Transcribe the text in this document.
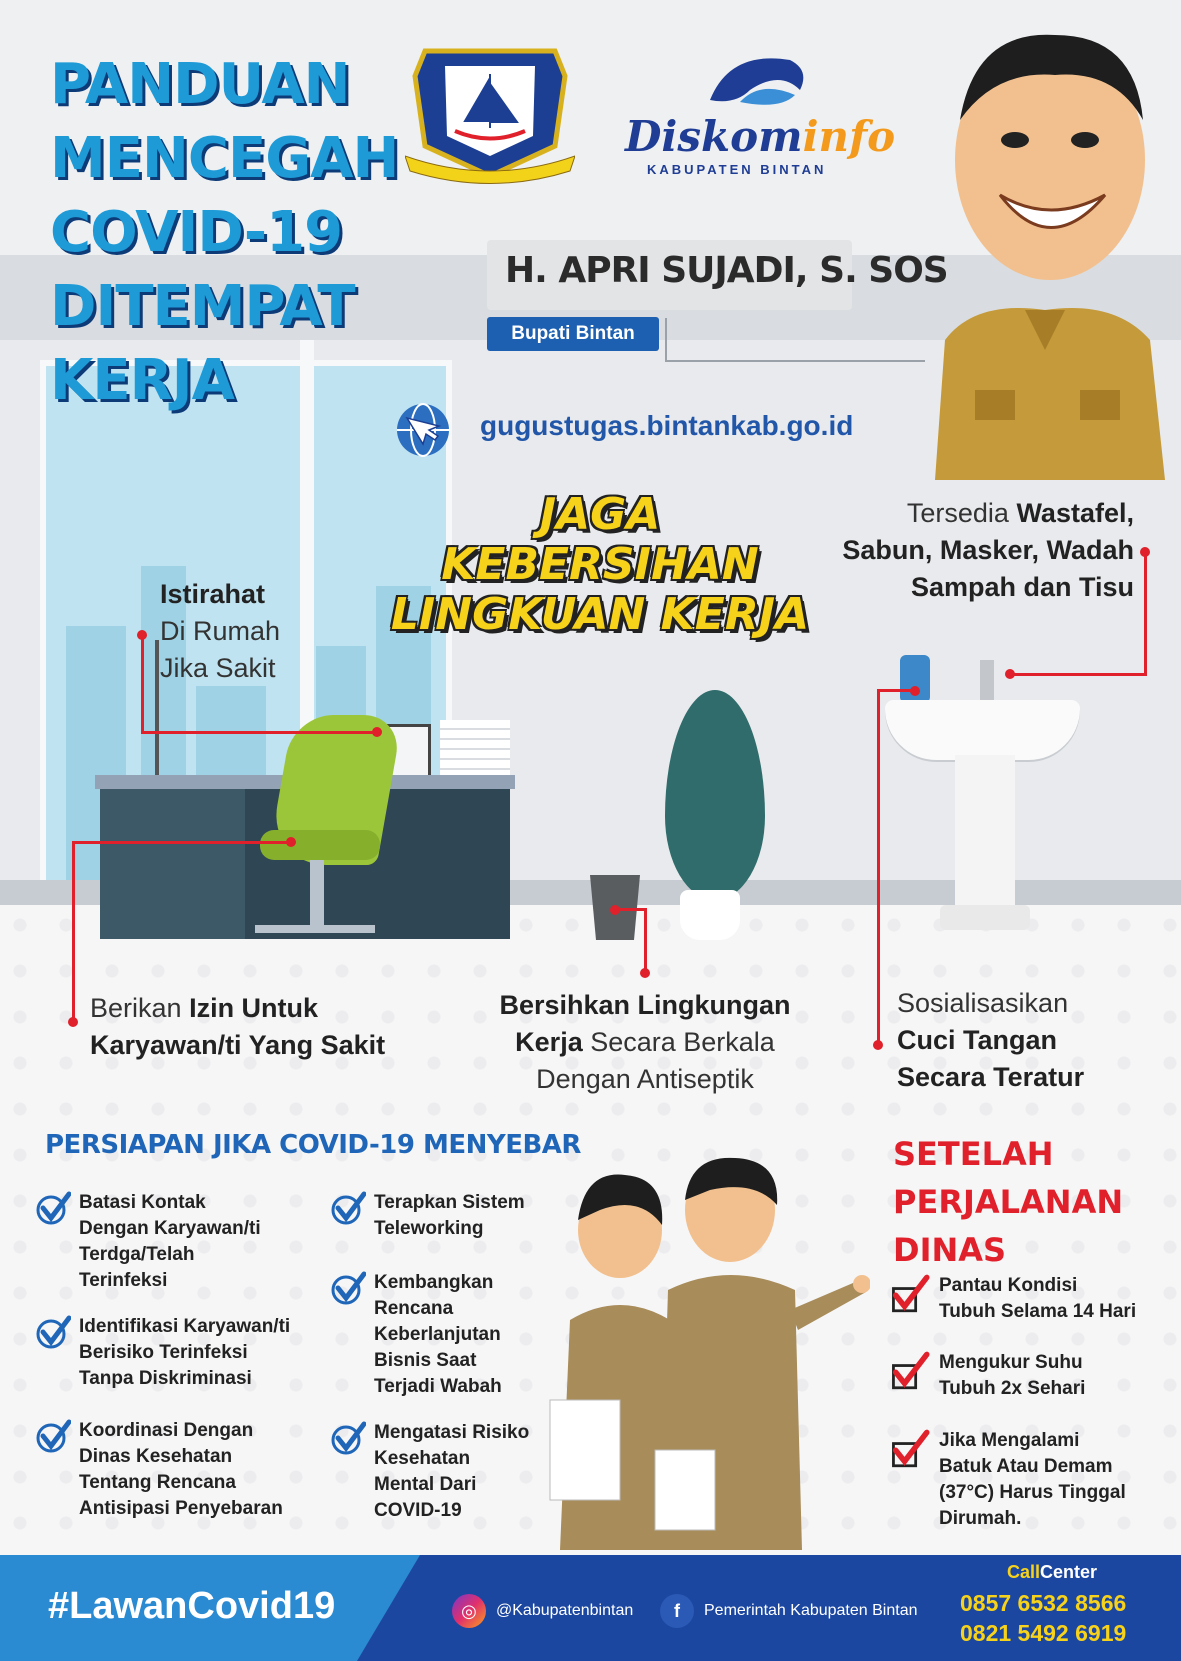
PANDUAN
MENCEGAH
COVID-19
DITEMPAT
KERJA
Diskominfo
KABUPATEN BINTAN
H. APRI SUJADI, S. SOS
Bupati Bintan
gugustugas.bintankab.go.id
JAGA
KEBERSIHAN
LINGKUAN KERJA
Istirahat
Di Rumah
Jika Sakit
Tersedia Wastafel,
Sabun, Masker, Wadah
Sampah dan Tisu
Berikan Izin Untuk
Karyawan/ti Yang Sakit
Bersihkan Lingkungan
Kerja Secara Berkala
Dengan Antiseptik
Sosialisasikan
Cuci Tangan
Secara Teratur
PERSIAPAN JIKA COVID-19 MENYEBAR
Batasi Kontak
Dengan Karyawan/ti
Terdga/Telah
Terinfeksi
Identifikasi Karyawan/ti
Berisiko Terinfeksi
Tanpa Diskriminasi
Koordinasi Dengan
Dinas Kesehatan
Tentang Rencana
Antisipasi Penyebaran
Terapkan Sistem
Teleworking
Kembangkan
Rencana
Keberlanjutan
Bisnis Saat
Terjadi Wabah
Mengatasi Risiko
Kesehatan
Mental Dari
COVID-19
SETELAH
PERJALANAN
DINAS
Pantau Kondisi
Tubuh Selama 14 Hari
Mengukur Suhu
Tubuh 2x Sehari
Jika Mengalami
Batuk Atau Demam
(37°C) Harus Tinggal
Dirumah.
#LawanCovid19	◎	@Kabupatenbintan	f	Pemerintah Kabupaten Bintan
CallCenter
0857 6532 8566
0821 5492 6919
